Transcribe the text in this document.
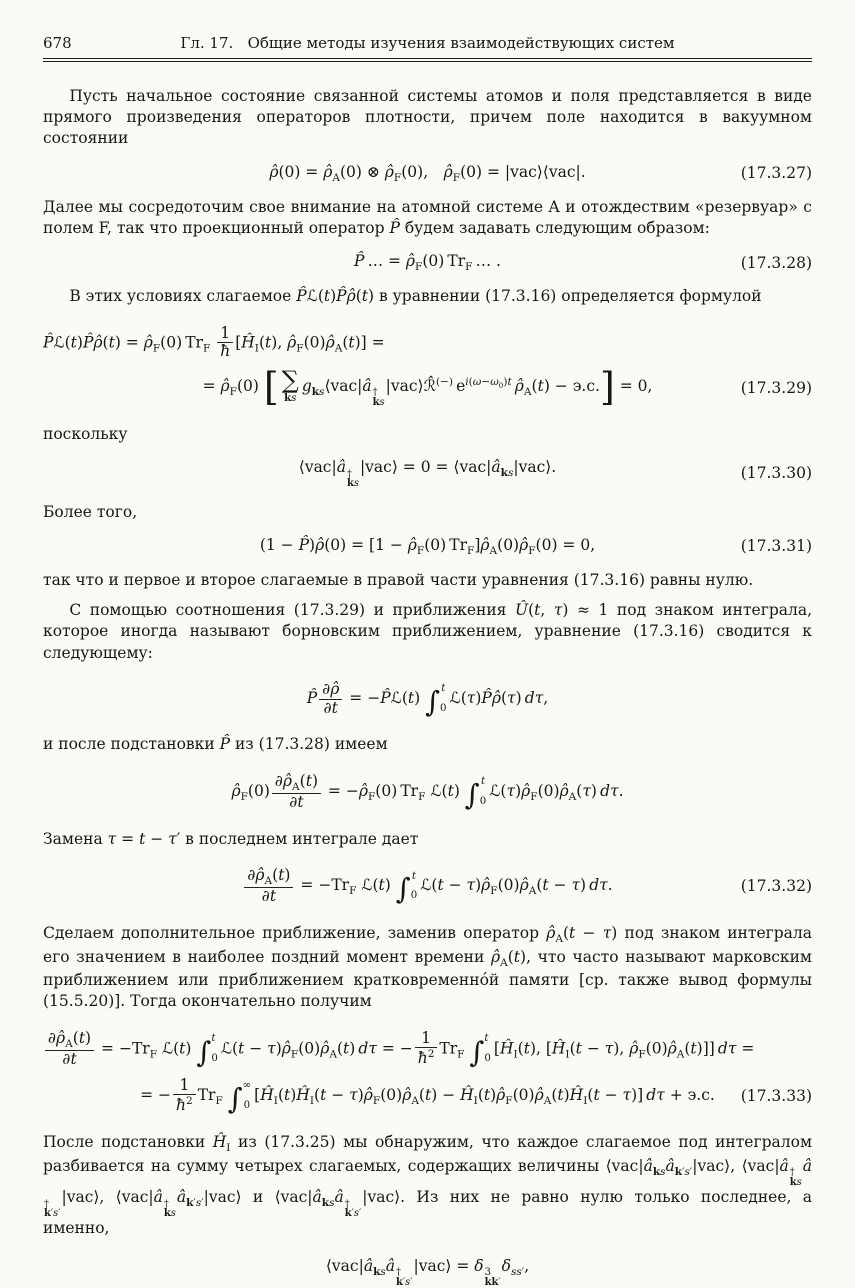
678	Гл. 17.   Общие методы изучения взаимодействующих систем

Пусть начальное состояние связанной системы атомов и поля представляется в виде прямого произведения операторов плотности, причем поле находится в вакуумном состоянии

ρ̂(0) = $\rhô_A(0)$ ⊗ $\rhô_F(0)$,  $\rhô_F(0)$ = |vac⟩⟨vac|.	(17.3.27)

Далее мы сосредоточим свое внимание на атомной системе A и отождествим «резервуар» с полем F, так что проекционный оператор P̂ будем задавать следующим образом:

P̂ … = $\rhô_F(0)$ $Tr_F$ … .	(17.3.28)

В этих условиях слагаемое P̂ℒ(t)P̂ρ̂(t) в уравнении (17.3.16) определяется формулой

P̂ℒ(t)P̂ρ̂(t) = $\rhô_F(0)$ $Tr_F \frac{1}{ħ}$ [$Ĥ_I(t)$, $\rhô_F(0)\rhô_A(t)$] =
= $\rhô_F(0)$ [ ∑
ks
$g_{ks}⟨vac|â$ †
ks
|vac⟩ℛ̂(−) $e^{i(\omega-\omega_0)t}$  $\rhô_A(t) - э.с.] = 0$,	(17.3.29)

поскольку

⟨vac|â †
ks
|vac⟩ = $0 = ⟨vac|â_{ks}|vac⟩$.	(17.3.30)

Более того,

(1 − P̂)ρ̂(0) = [$1 - \rhô_F(0)$ $Tr_F]\rhô_A(0)\rhô_F(0) = 0$,	(17.3.31)

так что и первое и второе слагаемые в правой части уравнения (17.3.16) равны нулю.

С помощью соотношения (17.3.29) и приближения Û(t, τ) ≈ 1 под знаком интеграла, которое иногда называют борновским приближением, уравнение (17.3.16) сводится к следующему:

P̂ $\frac{\partial\rhô}{\partial t}$ = −P̂ℒ(t) ∫ t
0
ℒ(τ)P̂ρ̂(τ) dτ,

и после подстановки P̂ из (17.3.28) имеем

$\rhô_F(0) \frac{\partial\rhô_A(t)}{\partial t}$ = $-\rhô_F(0)$ $Tr_F$ ℒ(t) ∫ t
0
$ℒ(\tau)\rhô_F(0)\rhô_A(\tau)$ dτ.

Замена τ = t − τ′ в последнем интеграле дает

$\frac{\partial\rhô_A(t)}{\partial t} = -Tr_F$ ℒ(t) ∫ t
0
ℒ(t − $\tau)\rhô_F(0)\rhô_A(t - \tau)$ dτ.	(17.3.32)

Сделаем дополнительное приближение, заменив оператор $\rhô_A(t - \tau)$ под знаком интеграла его значением в наиболее поздний момент времени $\rhô_A(t)$, что часто называют марковским приближением или приближением кратковременно́й памяти [ср. также вывод формулы (15.5.20)]. Тогда окончательно получим

$\frac{\partial\rhô_A(t)}{\partial t} = -Tr_F$ ℒ(t) ∫ t
0
ℒ(t − $\tau)\rhô_F(0)\rhô_A(t)$ dτ = − $\frac{1}{ħ^2} Tr_F$ ∫ t
0
[$Ĥ_I(t)$, [$Ĥ_I(t - \tau)$, $\rhô_F(0)\rhô_A(t)$]] dτ =
= − $\frac{1}{ħ^2} Tr_F$ ∫ ∞
0
[$Ĥ_I(t)Ĥ_I(t$ − $\tau)\rhô_F(0)\rhô_A(t)$ − $Ĥ_I(t)\rhô_F(0)\rhô_A(t)Ĥ_I(t - \tau)$] dτ + э.с. (17.3.33)

После подстановки $Ĥ_I$ из (17.3.25) мы обнаружим, что каждое слагаемое под интегралом разбивается на сумму четырех слагаемых, содержащих величины $⟨vac|â_{ks}â_{k's'}|vac⟩$, ⟨vac|â †
ks
â
†
k′s′
|vac⟩, ⟨vac|â †
ks
$â_{k's'}|vac⟩$ и $⟨vac|â_{ks}â$ †
k′s′
|vac⟩. Из них не равно нулю только последнее, а именно,

$⟨vac|â_{ks}â$ †
k′s′
|vac⟩ = δ 3
kk′
$\delta_{ss'}$,
